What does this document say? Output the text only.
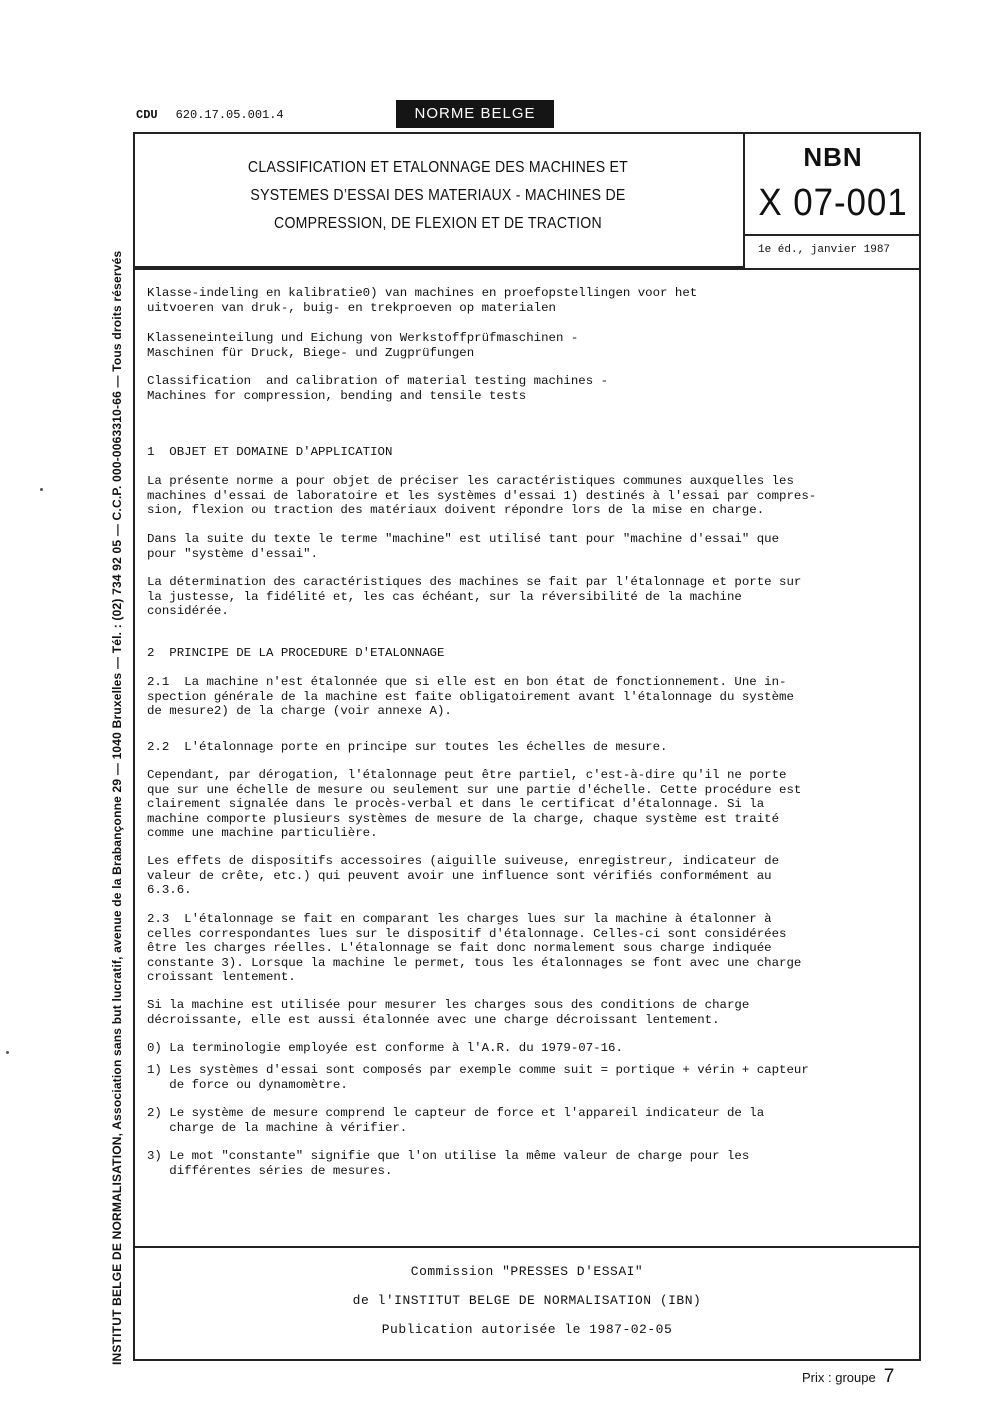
INSTITUT BELGE DE NORMALISATION, Association sans but lucratif, avenue de la Brabançonne 29 — 1040 Bruxelles — Tél. : (02) 734 92 05 — C.C.P. 000-0063310-66 — Tous droits réservés
CDU 620.17.05.001.4	NORME BELGE
CLASSIFICATION ET ETALONNAGE DES MACHINES ET
SYSTEMES D’ESSAI DES MATERIAUX - MACHINES DE
COMPRESSION, DE FLEXION ET DE TRACTION
NBN
X 07-001
1e éd., janvier 1987
Klasse-indeling en kalibratie0) van machines en proefopstellingen voor het
uitvoeren van druk-, buig- en trekproeven op materialen
Klasseneinteilung und Eichung von Werkstoffprüfmaschinen -
Maschinen für Druck, Biege- und Zugprüfungen
Classification  and calibration of material testing machines -
Machines for compression, bending and tensile tests
1  OBJET ET DOMAINE D'APPLICATION
La présente norme a pour objet de préciser les caractéristiques communes auxquelles les
machines d'essai de laboratoire et les systèmes d'essai 1) destinés à l'essai par compres-
sion, flexion ou traction des matériaux doivent répondre lors de la mise en charge.
Dans la suite du texte le terme "machine" est utilisé tant pour "machine d'essai" que
pour "système d'essai".
La détermination des caractéristiques des machines se fait par l'étalonnage et porte sur
la justesse, la fidélité et, les cas échéant, sur la réversibilité de la machine
considérée.
2  PRINCIPE DE LA PROCEDURE D'ETALONNAGE
2.1  La machine n'est étalonnée que si elle est en bon état de fonctionnement. Une in-
spection générale de la machine est faite obligatoirement avant l'étalonnage du système
de mesure2) de la charge (voir annexe A).
2.2  L'étalonnage porte en principe sur toutes les échelles de mesure.
Cependant, par dérogation, l'étalonnage peut être partiel, c'est-à-dire qu'il ne porte
que sur une échelle de mesure ou seulement sur une partie d'échelle. Cette procédure est
clairement signalée dans le procès-verbal et dans le certificat d'étalonnage. Si la
machine comporte plusieurs systèmes de mesure de la charge, chaque système est traité
comme une machine particulière.
Les effets de dispositifs accessoires (aiguille suiveuse, enregistreur, indicateur de
valeur de crête, etc.) qui peuvent avoir une influence sont vérifiés conformément au
6.3.6.
2.3  L'étalonnage se fait en comparant les charges lues sur la machine à étalonner à
celles correspondantes lues sur le dispositif d'étalonnage. Celles-ci sont considérées
être les charges réelles. L'étalonnage se fait donc normalement sous charge indiquée
constante 3). Lorsque la machine le permet, tous les étalonnages se font avec une charge
croissant lentement.
Si la machine est utilisée pour mesurer les charges sous des conditions de charge
décroissante, elle est aussi étalonnée avec une charge décroissant lentement.
0) La terminologie employée est conforme à l'A.R. du 1979-07-16.
1) Les systèmes d'essai sont composés par exemple comme suit = portique + vérin + capteur
de force ou dynamomètre.
2) Le système de mesure comprend le capteur de force et l'appareil indicateur de la
charge de la machine à vérifier.
3) Le mot "constante" signifie que l'on utilise la même valeur de charge pour les
différentes séries de mesures.
Commission "PRESSES D'ESSAI"
de l'INSTITUT BELGE DE NORMALISATION (IBN)
Publication autorisée le 1987-02-05
Prix : groupe 7
